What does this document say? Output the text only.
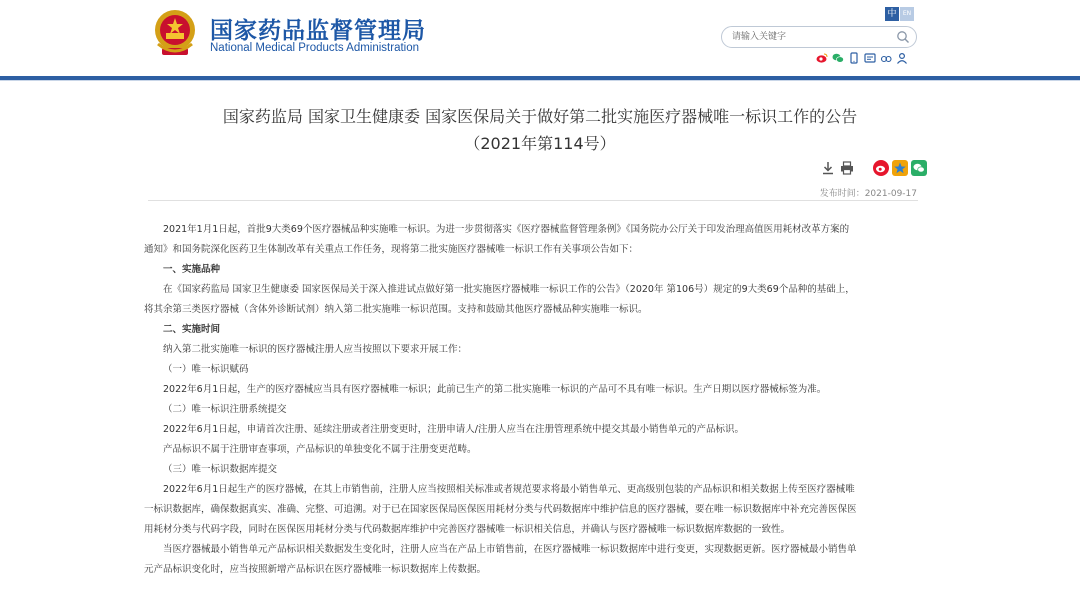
国家药品监督管理局
National Medical Products Administration
中	EN
请输入关键字
国家药监局 国家卫生健康委 国家医保局关于做好第二批实施医疗器械唯一标识工作的公告
（2021年第114号）
发布时间：2021-09-17

2021年1月1日起，首批9大类69个医疗器械品种实施唯一标识。为进一步贯彻落实《医疗器械监督管理条例》《国务院办公厅关于印发治理高值医用耗材改革方案的

通知》和国务院深化医药卫生体制改革有关重点工作任务，现将第二批实施医疗器械唯一标识工作有关事项公告如下：

一、实施品种

在《国家药监局 国家卫生健康委 国家医保局关于深入推进试点做好第一批实施医疗器械唯一标识工作的公告》（2020年 第106号）规定的9大类69个品种的基础上，

将其余第三类医疗器械（含体外诊断试剂）纳入第二批实施唯一标识范围。支持和鼓励其他医疗器械品种实施唯一标识。

二、实施时间

纳入第二批实施唯一标识的医疗器械注册人应当按照以下要求开展工作：

（一）唯一标识赋码

2022年6月1日起，生产的医疗器械应当具有医疗器械唯一标识；此前已生产的第二批实施唯一标识的产品可不具有唯一标识。生产日期以医疗器械标签为准。

（二）唯一标识注册系统提交

2022年6月1日起，申请首次注册、延续注册或者注册变更时，注册申请人/注册人应当在注册管理系统中提交其最小销售单元的产品标识。

产品标识不属于注册审查事项，产品标识的单独变化不属于注册变更范畴。

（三）唯一标识数据库提交

2022年6月1日起生产的医疗器械，在其上市销售前，注册人应当按照相关标准或者规范要求将最小销售单元、更高级别包装的产品标识和相关数据上传至医疗器械唯

一标识数据库，确保数据真实、准确、完整、可追溯。对于已在国家医保局医保医用耗材分类与代码数据库中维护信息的医疗器械，要在唯一标识数据库中补充完善医保医

用耗材分类与代码字段，同时在医保医用耗材分类与代码数据库维护中完善医疗器械唯一标识相关信息，并确认与医疗器械唯一标识数据库数据的一致性。

当医疗器械最小销售单元产品标识相关数据发生变化时，注册人应当在产品上市销售前，在医疗器械唯一标识数据库中进行变更，实现数据更新。医疗器械最小销售单

元产品标识变化时，应当按照新增产品标识在医疗器械唯一标识数据库上传数据。
